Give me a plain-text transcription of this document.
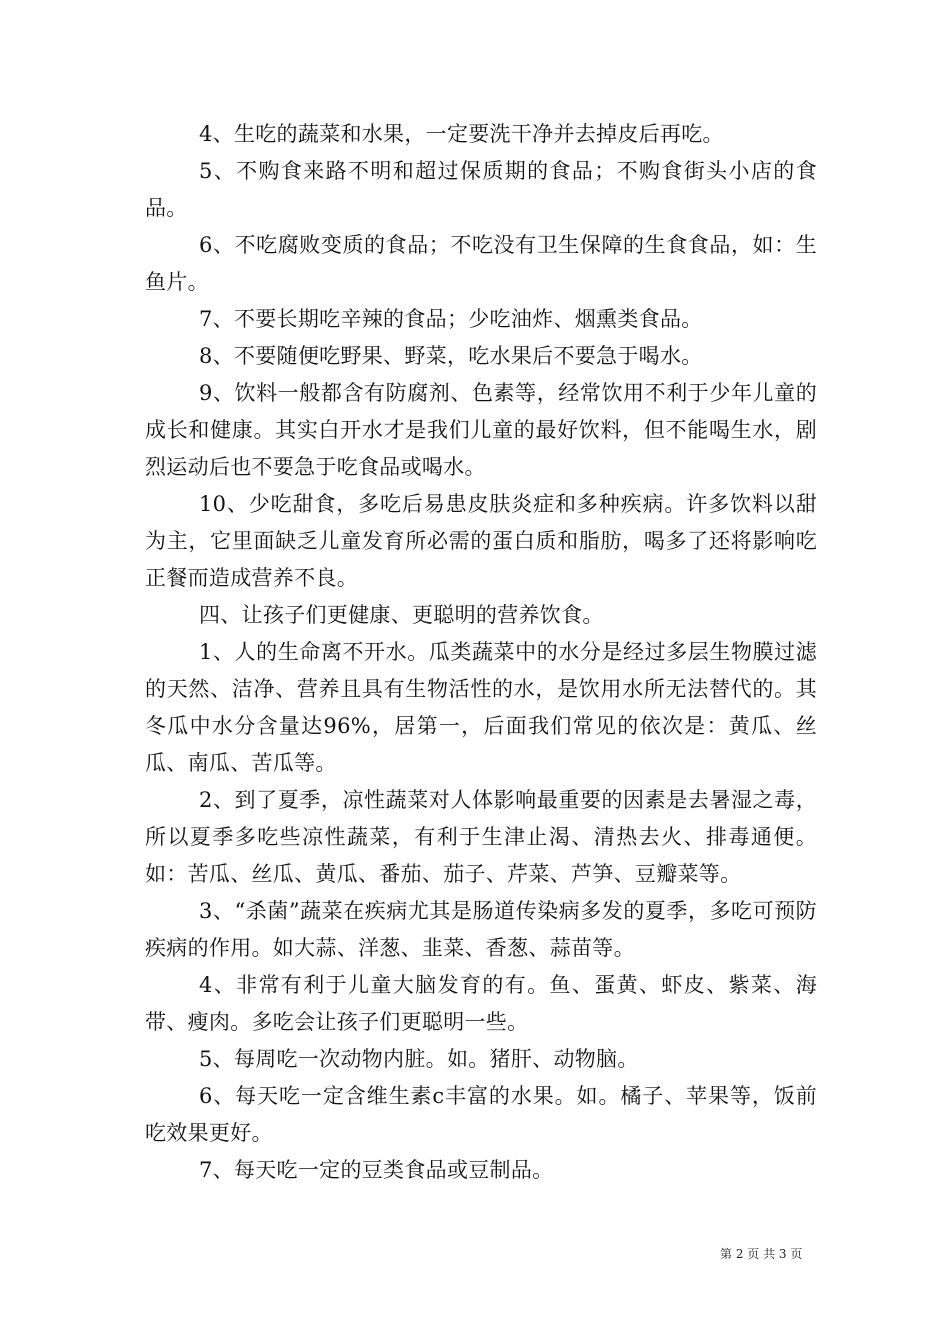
4、生吃的蔬菜和水果，一定要洗干净并去掉皮后再吃。

5、不购食来路不明和超过保质期的食品；不购食街头小店的食品。

6、不吃腐败变质的食品；不吃没有卫生保障的生食食品，如：生鱼片。

7、不要长期吃辛辣的食品；少吃油炸、烟熏类食品。

8、不要随便吃野果、野菜，吃水果后不要急于喝水。

9、饮料一般都含有防腐剂、色素等，经常饮用不利于少年儿童的成长和健康。其实白开水才是我们儿童的最好饮料，但不能喝生水，剧烈运动后也不要急于吃食品或喝水。

10、少吃甜食，多吃后易患皮肤炎症和多种疾病。许多饮料以甜为主，它里面缺乏儿童发育所必需的蛋白质和脂肪，喝多了还将影响吃正餐而造成营养不良。

四、让孩子们更健康、更聪明的营养饮食。

1、人的生命离不开水。瓜类蔬菜中的水分是经过多层生物膜过滤的天然、洁净、营养且具有生物活性的水，是饮用水所无法替代的。其冬瓜中水分含量达96%，居第一，后面我们常见的依次是：黄瓜、丝瓜、南瓜、苦瓜等。

2、到了夏季，凉性蔬菜对人体影响最重要的因素是去暑湿之毒，所以夏季多吃些凉性蔬菜，有利于生津止渴、清热去火、排毒通便。如：苦瓜、丝瓜、黄瓜、番茄、茄子、芹菜、芦笋、豆瓣菜等。

3、“杀菌”蔬菜在疾病尤其是肠道传染病多发的夏季，多吃可预防疾病的作用。如大蒜、洋葱、韭菜、香葱、蒜苗等。

4、非常有利于儿童大脑发育的有。鱼、蛋黄、虾皮、紫菜、海带、瘦肉。多吃会让孩子们更聪明一些。

5、每周吃一次动物内脏。如。猪肝、动物脑。

6、每天吃一定含维生素c丰富的水果。如。橘子、苹果等，饭前吃效果更好。

7、每天吃一定的豆类食品或豆制品。

第 2 页 共 3 页
